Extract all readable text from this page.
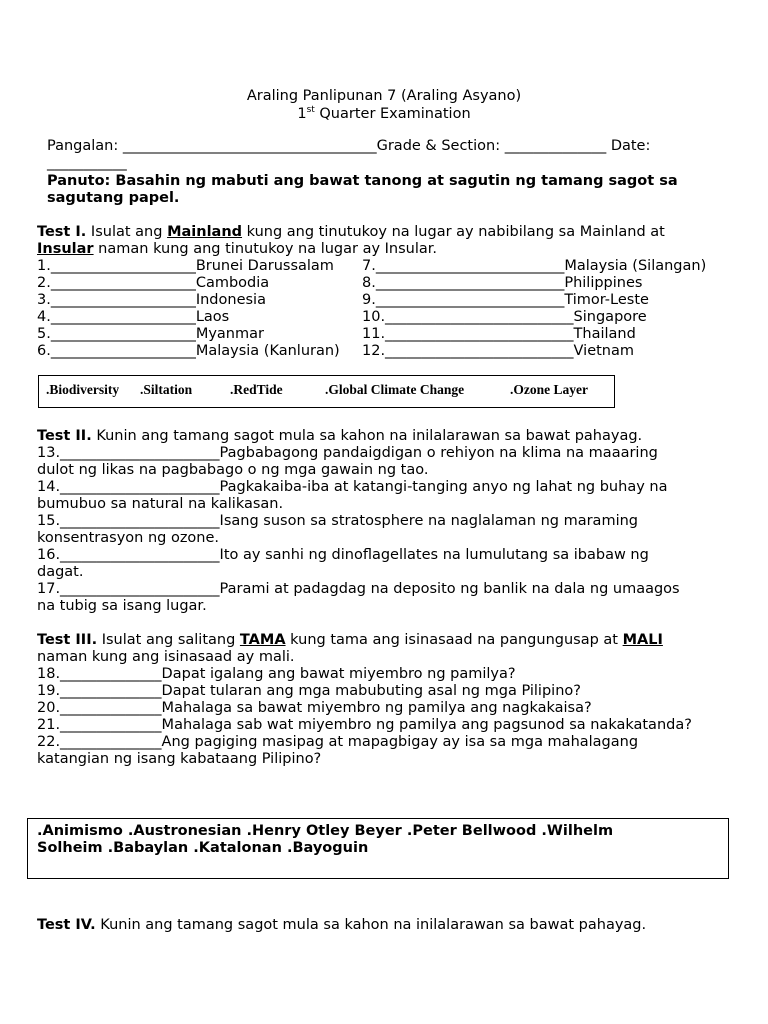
Araling Panlipunan 7 (Araling Asyano)
1st Quarter Examination
Pangalan: ___________________________________Grade & Section: ______________ Date:
___________
Panuto: Basahin ng mabuti ang bawat tanong at sagutin ng tamang sagot sa
sagutang papel.
Test I. Isulat ang Mainland kung ang tinutukoy na lugar ay nabibilang sa Mainland at
Insular naman kung ang tinutukoy na lugar ay Insular.
1.____________________Brunei Darussalam
2.____________________Cambodia
3.____________________Indonesia
4.____________________Laos
5.____________________Myanmar
6.____________________Malaysia (Kanluran)
7.__________________________Malaysia (Silangan)
8.__________________________Philippines
9.__________________________Timor-Leste
10.__________________________Singapore
11.__________________________Thailand
12.__________________________Vietnam
.Biodiversity .Siltation	.RedTide	.Global Climate Change	.Ozone Layer
Test II. Kunin ang tamang sagot mula sa kahon na inilalarawan sa bawat pahayag.
13.______________________Pagbabagong pandaigdigan o rehiyon na klima na maaaring
dulot ng likas na pagbabago o ng mga gawain ng tao.
14.______________________Pagkakaiba-iba at katangi-tanging anyo ng lahat ng buhay na
bumubuo sa natural na kalikasan.
15.______________________Isang suson sa stratosphere na naglalaman ng maraming
konsentrasyon ng ozone.
16.______________________Ito ay sanhi ng dinoflagellates na lumulutang sa ibabaw ng
dagat.
17.______________________Parami at padagdag na deposito ng banlik na dala ng umaagos
na tubig sa isang lugar.
Test III. Isulat ang salitang TAMA kung tama ang isinasaad na pangungusap at MALI
naman kung ang isinasaad ay mali.
18.______________Dapat igalang ang bawat miyembro ng pamilya?
19.______________Dapat tularan ang mga mabubuting asal ng mga Pilipino?
20.______________Mahalaga sa bawat miyembro ng pamilya ang nagkakaisa?
21.______________Mahalaga sab wat miyembro ng pamilya ang pagsunod sa nakakatanda?
22.______________Ang pagiging masipag at mapagbigay ay isa sa mga mahalagang
katangian ng isang kabataang Pilipino?
.Animismo .Austronesian .Henry Otley Beyer .Peter Bellwood .Wilhelm
Solheim .Babaylan .Katalonan .Bayoguin
Test IV. Kunin ang tamang sagot mula sa kahon na inilalarawan sa bawat pahayag.
